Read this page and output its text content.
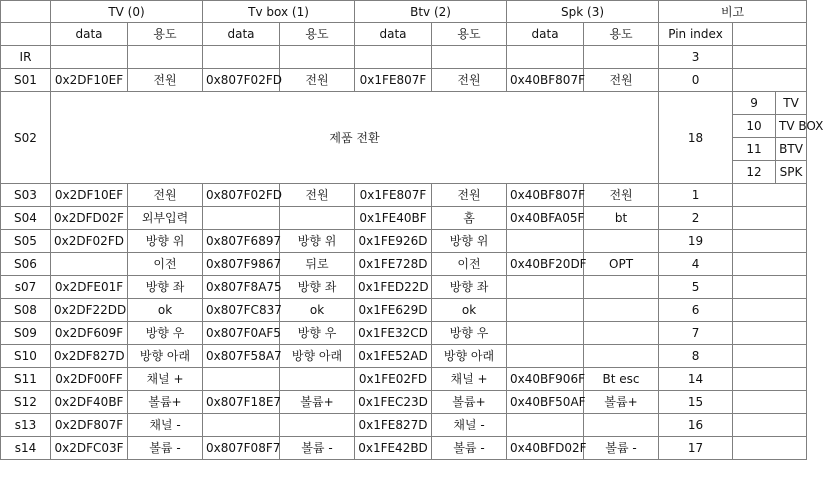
	TV (0)	Tv box (1)	Btv (2)	Spk (3)	비고
	data	용도	data	용도	data	용도	data	용도	Pin index	
IR									3	
S01	0x2DF10EF	전원	0x807F02FD	전원	0x1FE807F	전원	0x40BF807F	전원	0	
S02	제품 전환	18	
9	TV

10	TV BOX

11	BTV

12	SPK

S03	0x2DF10EF	전원	0x807F02FD	전원	0x1FE807F	전원	0x40BF807F	전원	1	
S04	0x2DFD02F	외부입력			0x1FE40BF	홈	0x40BFA05F	bt	2	
S05	0x2DF02FD	방향 위	0x807F6897	방향 위	0x1FE926D	방향 위			19	
S06		이전	0x807F9867	뒤로	0x1FE728D	이전	0x40BF20DF	OPT	4	
s07	0x2DFE01F	방향 좌	0x807F8A75	방향 좌	0x1FED22D	방향 좌			5	
S08	0x2DF22DD	ok	0x807FC837	ok	0x1FE629D	ok			6	
S09	0x2DF609F	방향 우	0x807F0AF5	방향 우	0x1FE32CD	방향 우			7	
S10	0x2DF827D	방향 아래	0x807F58A7	방향 아래	0x1FE52AD	방향 아래			8	
S11	0x2DF00FF	채널 +			0x1FE02FD	채널 +	0x40BF906F	Bt esc	14	
S12	0x2DF40BF	볼륨+	0x807F18E7	볼륨+	0x1FEC23D	볼륨+	0x40BF50AF	볼륨+	15	
s13	0x2DF807F	채널 -			0x1FE827D	채널 -			16	
s14	0x2DFC03F	볼륨 -	0x807F08F7	볼륨 -	0x1FE42BD	볼륨 -	0x40BFD02F	볼륨 -	17	
